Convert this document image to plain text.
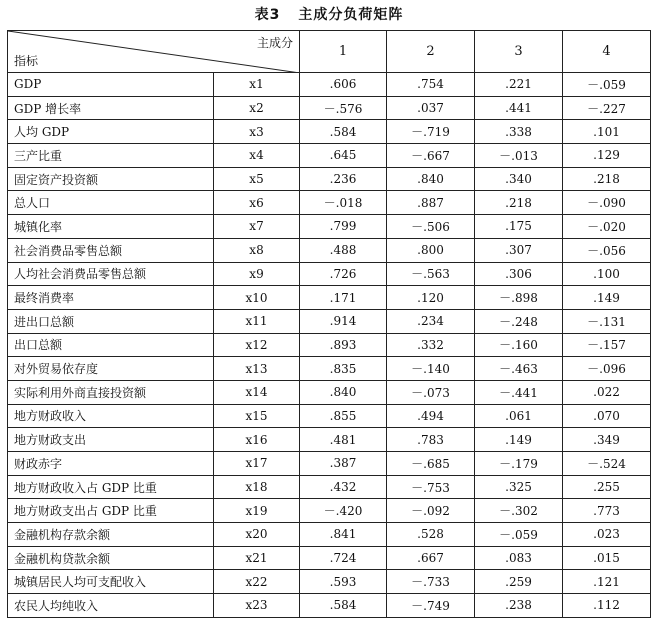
表3 主成分负荷矩阵
主成分
指标		1	2	3	4
GDP	x1	.606	.754	.221	－.059
GDP 增长率	x2	－.576	.037	.441	－.227
人均 GDP	x3	.584	－.719	.338	.101
三产比重	x4	.645	－.667	－.013	.129
固定资产投资额	x5	.236	.840	.340	.218
总人口	x6	－.018	.887	.218	－.090
城镇化率	x7	.799	－.506	.175	－.020
社会消费品零售总额	x8	.488	.800	.307	－.056
人均社会消费品零售总额	x9	.726	－.563	.306	.100
最终消费率	x10	.171	.120	－.898	.149
进出口总额	x11	.914	.234	－.248	－.131
出口总额	x12	.893	.332	－.160	－.157
对外贸易依存度	x13	.835	－.140	－.463	－.096
实际利用外商直接投资额	x14	.840	－.073	－.441	.022
地方财政收入	x15	.855	.494	.061	.070
地方财政支出	x16	.481	.783	.149	.349
财政赤字	x17	.387	－.685	－.179	－.524
地方财政收入占 GDP 比重	x18	.432	－.753	.325	.255
地方财政支出占 GDP 比重	x19	－.420	－.092	－.302	.773
金融机构存款余额	x20	.841	.528	－.059	.023
金融机构贷款余额	x21	.724	.667	.083	.015
城镇居民人均可支配收入	x22	.593	－.733	.259	.121
农民人均纯收入	x23	.584	－.749	.238	.112
